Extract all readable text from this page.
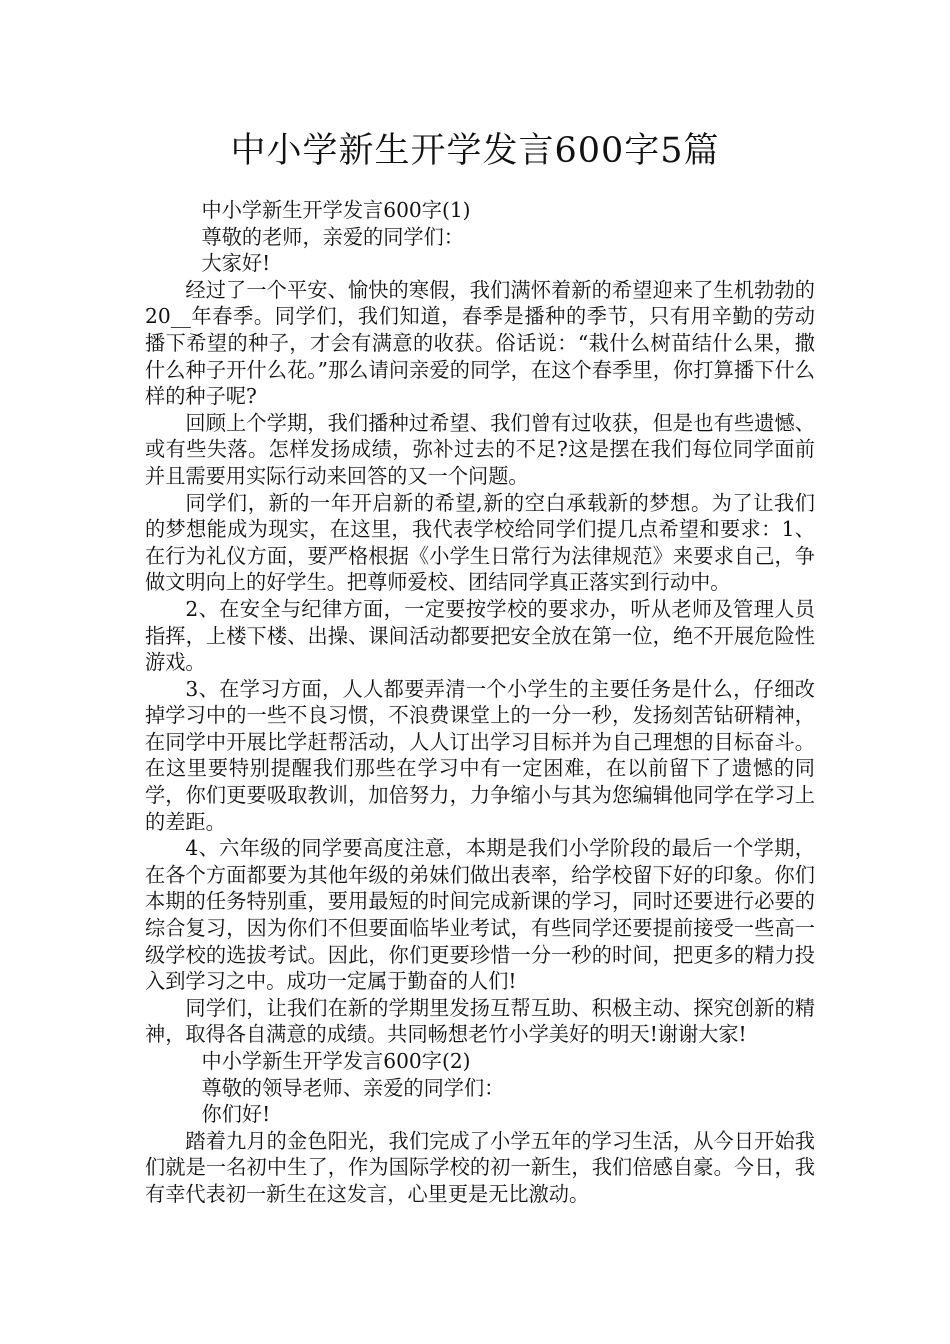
中小学新生开学发言600字5篇

中小学新生开学发言600字(1)

尊敬的老师，亲爱的同学们：

大家好!

经过了一个平安、愉快的寒假，我们满怀着新的希望迎来了生机勃勃的20__年春季。同学们，我们知道，春季是播种的季节，只有用辛勤的劳动播下希望的种子，才会有满意的收获。俗话说：“栽什么树苗结什么果，撒什么种子开什么花。”那么请问亲爱的同学，在这个春季里，你打算播下什么样的种子呢?

回顾上个学期，我们播种过希望、我们曾有过收获，但是也有些遗憾、或有些失落。怎样发扬成绩，弥补过去的不足?这是摆在我们每位同学面前并且需要用实际行动来回答的又一个问题。

同学们，新的一年开启新的希望,新的空白承载新的梦想。为了让我们的梦想能成为现实，在这里，我代表学校给同学们提几点希望和要求：1、在行为礼仪方面，要严格根据《小学生日常行为法律规范》来要求自己，争做文明向上的好学生。把尊师爱校、团结同学真正落实到行动中。

2、在安全与纪律方面，一定要按学校的要求办，听从老师及管理人员指挥，上楼下楼、出操、课间活动都要把安全放在第一位，绝不开展危险性游戏。

3、在学习方面，人人都要弄清一个小学生的主要任务是什么，仔细改掉学习中的一些不良习惯，不浪费课堂上的一分一秒，发扬刻苦钻研精神，在同学中开展比学赶帮活动，人人订出学习目标并为自己理想的目标奋斗。在这里要特别提醒我们那些在学习中有一定困难，在以前留下了遗憾的同学，你们更要吸取教训，加倍努力，力争缩小与其为您编辑他同学在学习上的差距。

4、六年级的同学要高度注意，本期是我们小学阶段的最后一个学期，在各个方面都要为其他年级的弟妹们做出表率，给学校留下好的印象。你们本期的任务特别重，要用最短的时间完成新课的学习，同时还要进行必要的综合复习，因为你们不但要面临毕业考试，有些同学还要提前接受一些高一级学校的选拔考试。因此，你们更要珍惜一分一秒的时间，把更多的精力投入到学习之中。成功一定属于勤奋的人们!

同学们，让我们在新的学期里发扬互帮互助、积极主动、探究创新的精神，取得各自满意的成绩。共同畅想老竹小学美好的明天!谢谢大家!

中小学新生开学发言600字(2)

尊敬的领导老师、亲爱的同学们：

你们好!

踏着九月的金色阳光，我们完成了小学五年的学习生活，从今日开始我们就是一名初中生了，作为国际学校的初一新生，我们倍感自豪。今日，我有幸代表初一新生在这发言，心里更是无比激动。
